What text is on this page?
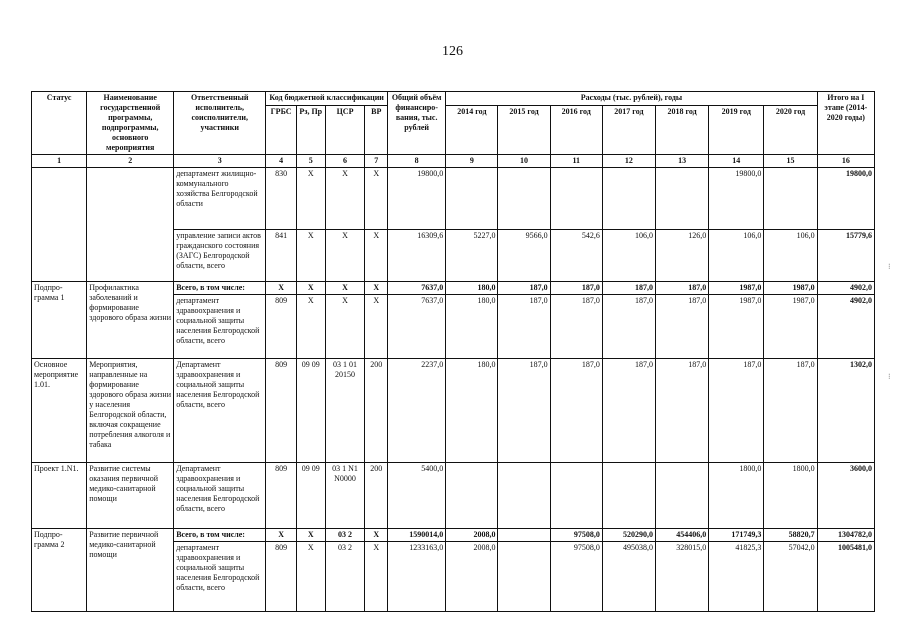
126
Статус	Наименование государственной программы, подпрограммы, основного мероприятия	Ответственный исполнитель, соисполнители, участники	Код бюджетной классификации				Общий объём финансиро-вания, тыс. рублей	Расходы (тыс. рублей), годы							Итого на I этапе (2014-2020 годы)
			ГРБС	Рз, Пр	ЦСР	ВР		2014 год	2015 год	2016 год	2017 год	2018 год	2019 год	2020 год	
1	2	3	4	5	6	7	8	9	10	11	12	13	14	15	16
		департамент жилищно-коммунального хозяйства Белгородской области	830	X	X	X	19800,0						19800,0		19800,0
		управление записи актов гражданского состояния (ЗАГС) Белгородской области, всего	841	X	X	X	16309,6	5227,0	9566,0	542,6	106,0	126,0	106,0	106,0	15779,6
Подпро-грамма 1	Профилактика заболеваний и формирование здорового образа жизни	Всего, в том числе:	X	X	X	X	7637,0	180,0	187,0	187,0	187,0	187,0	1987,0	1987,0	4902,0
		департамент здравоохранения и социальной защиты населения Белгородской области, всего	809	X	X	X	7637,0	180,0	187,0	187,0	187,0	187,0	1987,0	1987,0	4902,0
Основное мероприятие 1.01.	Мероприятия, направленные на формирование здорового образа жизни у населения Белгородской области, включая сокращение потребления алкоголя и табака	Департамент здравоохранения и социальной защиты населения Белгородской области, всего	809	09 09	03 1 01 20150	200	2237,0	180,0	187,0	187,0	187,0	187,0	187,0	187,0	1302,0
Проект 1.N1.	Развитие системы оказания первичной медико-санитарной помощи	Департамент здравоохранения и социальной защиты населения Белгородской области, всего	809	09 09	03 1 N1 N0000	200	5400,0						1800,0	1800,0	3600,0
Подпро-грамма 2	Развитие первичной медико-санитарной помощи	Всего, в том числе:	X	X	03 2	X	1590014,0	2008,0		97508,0	520290,0	454406,0	171749,3	58820,7	1304782,0
		департамент здравоохранения и социальной защиты населения Белгородской области, всего	809	X	03 2	X	1233163,0	2008,0		97508,0	495038,0	328015,0	41825,3	57042,0	1005481,0
⁝
⁝
